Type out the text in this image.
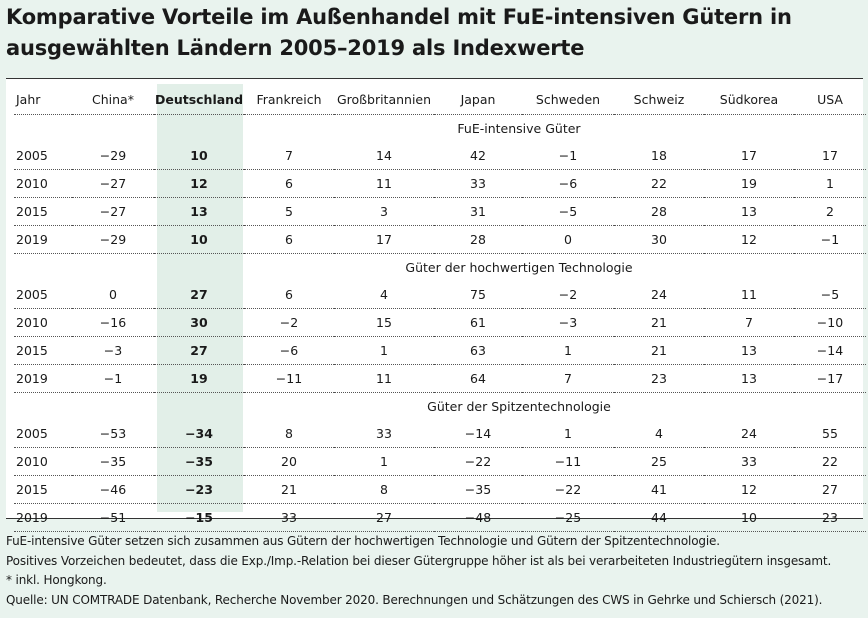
Komparative Vorteile im Außenhandel mit FuE-intensiven Gütern in ausgewählten Ländern 2005–2019 als Indexwerte
Jahr	China*	Deutschland	Frankreich	Großbritannien	Japan	Schweden	Schweiz	Südkorea	USA
			FuE-intensive Güter						
2005	−29	10	7	14	42	−1	18	17	17
2010	−27	12	6	11	33	−6	22	19	1
2015	−27	13	5	3	31	−5	28	13	2
2019	−29	10	6	17	28	0	30	12	−1
			Güter der hochwertigen Technologie						
2005	0	27	6	4	75	−2	24	11	−5
2010	−16	30	−2	15	61	−3	21	7	−10
2015	−3	27	−6	1	63	1	21	13	−14
2019	−1	19	−11	11	64	7	23	13	−17
			Güter der Spitzentechnologie						
2005	−53	−34	8	33	−14	1	4	24	55
2010	−35	−35	20	1	−22	−11	25	33	22
2015	−46	−23	21	8	−35	−22	41	12	27
2019	−51	−15	33	27	−48	−25	44	10	23
FuE-intensive Güter setzen sich zusammen aus Gütern der hochwertigen Technologie und Gütern der Spitzentechnologie.
Positives Vorzeichen bedeutet, dass die Exp./Imp.-Relation bei dieser Gütergruppe höher ist als bei verarbeiteten Industriegütern insgesamt.
* inkl. Hongkong.
Quelle: UN COMTRADE Datenbank, Recherche November 2020. Berechnungen und Schätzungen des CWS in Gehrke und Schiersch (2021).
